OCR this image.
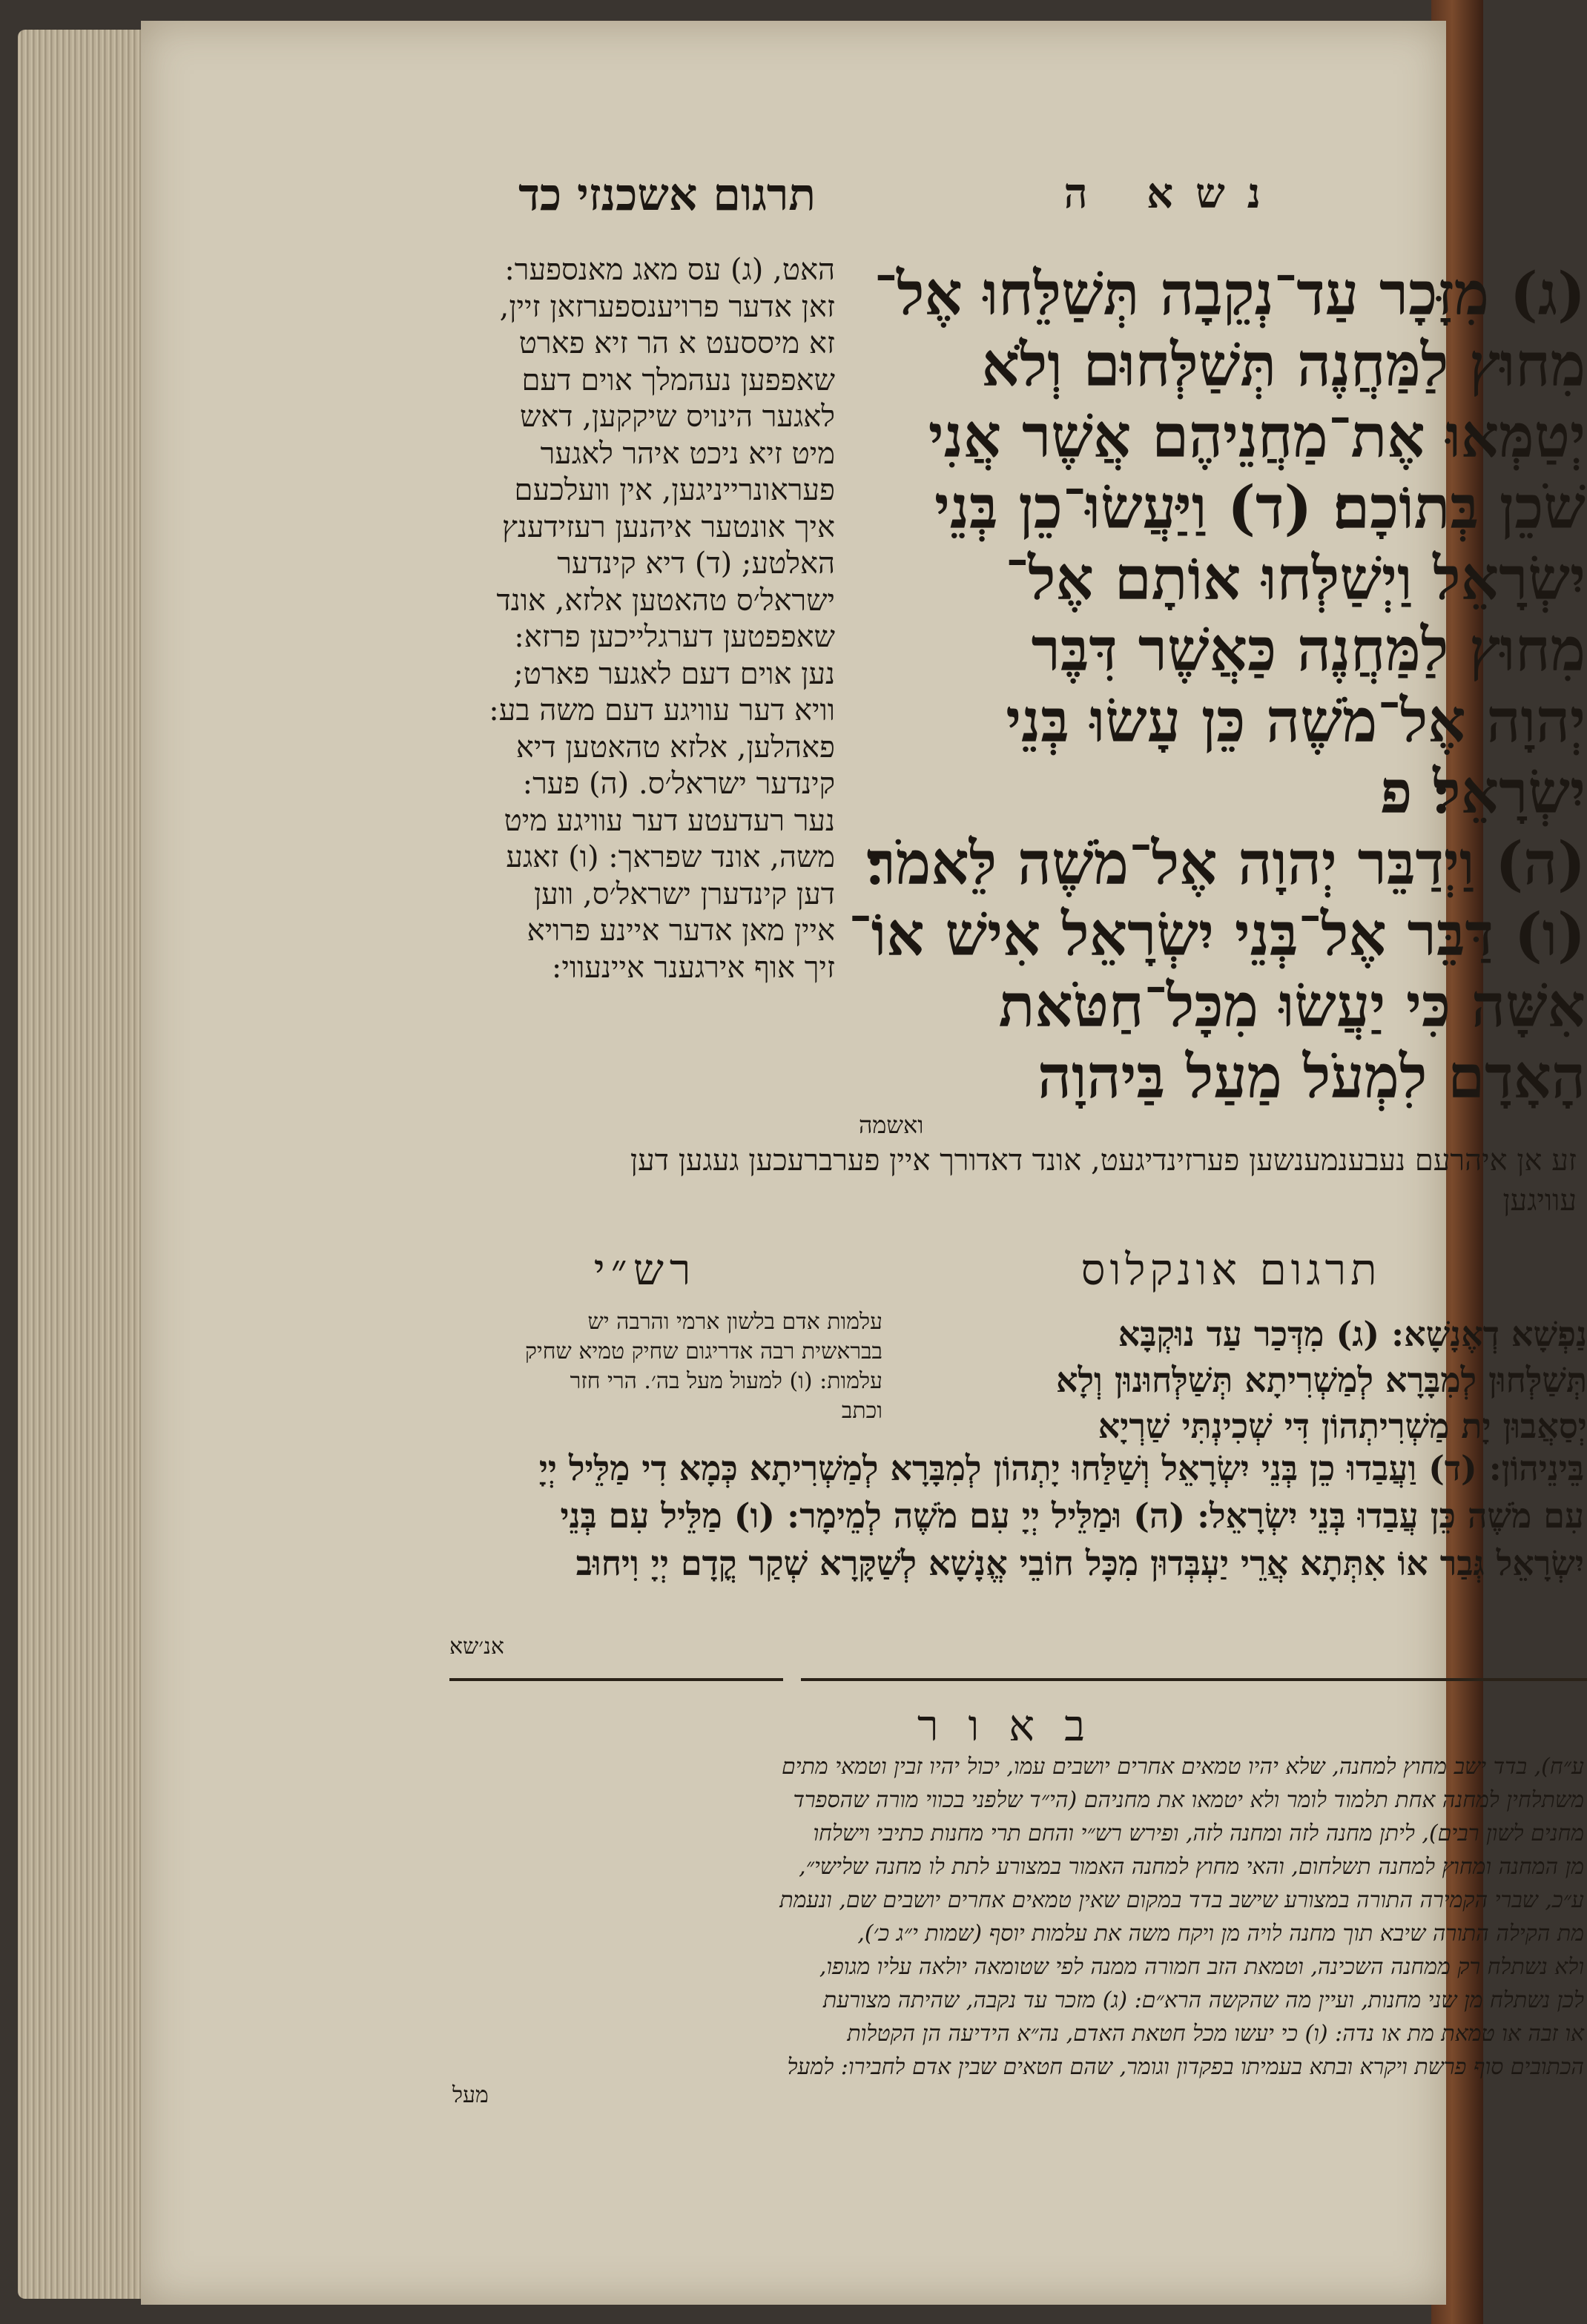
נשא ה
תרגום אשכנזי כד
(ג) מִזָּכָר עַד־נְקֵבָה תְּשַׁלֵּחוּ אֶל־
מִחוּץ לַמַּחֲנֶה תְּשַׁלְּחוּם וְלֹא
יְטַמְּאוּ אֶת־מַחֲנֵיהֶם אֲשֶׁר אֲנִי
שֹׁכֵן בְּתוֹכָם׃ (ד) וַיַּעֲשׂוּ־כֵן בְּנֵי
יִשְׂרָאֵל וַיְשַׁלְּחוּ אוֹתָם אֶל־
מִחוּץ לַמַּחֲנֶה כַּאֲשֶׁר דִּבֶּר
יְהוָה אֶל־מֹשֶׁה כֵּן עָשׂוּ בְּנֵי
יִשְׂרָאֵל׃ פ
(ה) וַיְדַבֵּר יְהוָה אֶל־מֹשֶׁה לֵּאמֹר׃
(ו) דַּבֵּר אֶל־בְּנֵי יִשְׂרָאֵל אִישׁ אוֹ־
אִשָּׁה כִּי יַעֲשׂוּ מִכָּל־חַטֹּאת
הָאָדָם לִמְעֹל מַעַל בַּיהוָה
ואשמה
האט, (ג) עס מאג מאנספער:
זאן אדער פרויענספערזאן זיין,
זא מיססעט א הר זיא פארט
שאפפען נעהמלך אוים דעם
לאגער הינויס שיקקען, דאש
מיט זיא ניכט איהר לאגער
פעראונרייניגען, אין וועלכעם
איך אונטער איהנען רעזידענץ
האלטע; (ד) דיא קינדער
ישראל׳ס טהאטען אלזא, אונד
שאפפטען דערגלייכען פרזא:
נען אוים דעם לאגער פארט;
וויא דער עוויגע דעם משה בע:
פאהלען, אלזא טהאטען דיא
קינדער ישראל׳ס. (ה) פער:
נער רעדעטע דער עוויגע מיט
משה, אונד שפראך: (ו) זאגע
דען קינדערן ישראל׳ס, ווען
איין מאן אדער איינע פרויא
זיך אוף אירגענר איינעווי:
זע אן איהרעם נעבענמענשען פערזינדיגעט, אונד דאדורך איין פערברעכען געגען דען
עוויגען
תרגום אונקלוס
רש״י
נַפְשָׁא דְאֶנָשָׁא: (ג) מִדְּכַר עַד נוּקְבָּא
תְּשַׁלְּחוּן לְמִבָּרָא לְמַשְׁרִיתָא תְּשַׁלְּחוּנוּן וְלָא
יְסַאֲבוּן יָת מַשְׁרִיתְהוֹן דִּי שְׁכִינְתִּי שַׁרְיָא
עלמות אדם בלשון ארמי והרבה יש
בבראשית רבה אדריגום שחיק טמיא שחיק
עלמות: (ו) למעול מעל בה׳. הרי חזר
וכתב
בֵּינֵיהוֹן: (ד) וַעֲבַדוּ כֵן בְּנֵי יִשְׂרָאֵל וְשַׁלַּחוּ יָתְהוֹן לְמִבָּרָא לְמַשְׁרִיתָא כְּמָא דִי מַלֵּיל יְיָ
עִם מֹשֶׁה כֵּן עֲבַדוּ בְּנֵי יִשְׂרָאֵל: (ה) וּמַלֵּיל יְיָ עִם מֹשֶׁה לְמֵימָר: (ו) מַלֵּיל עִם בְּנֵי
יִשְׂרָאֵל גְּבַר אוֹ אִתְּתָא אֲרֵי יַעְבְּדוּן מִכָּל חוֹבֵי אֱנָשָׁא לְשַׁקָּרָא שְׁקַר קֳדָם יְיָ וִיחוּב
אנ׳שא
באור
ע״ח), בדד ישב מחוץ למחנה, שלא יהיו טמאים אחרים יושבים עמו, יכול יהיו זבין וטמאי מתים
משתלחין למחנה אחת תלמוד לומר ולא יטמאו את מחניהם (הי״ד שלפני בכווי מורה שהספרד
מחנים לשון רבים), ליתן מחנה לזה ומחנה לזה, ופירש רש״י והחם תרי מחנות כתיבי וישלחו
מן המחנה ומחוץ למחנה תשלחום, והאי מחוץ למחנה האמור במצורע לתת לו מחנה שלישי״,
ע״כ, שברי הקמירה התורה במצורע שישב בדד במקום שאין טמאים אחרים יושבים שם, ונעמת
מת הקילה התורה שיבא תוך מחנה לויה מן ויקח משה את עלמות יוסף (שמות י״ג כ׳),
ולא נשתלח רק ממחנה השכינה, וטמאת הזב חמורה ממנה לפי שטומאה יולאה עליו מגופו,
לכן נשתלח מן שני מחנות, ועיין מה שהקשה הרא״ם: (ג) מזכר עד נקבה, שהיתה מצורעת
או זבה או טמאת מת או נדה: (ו) כי יעשו מכל חטאת האדם, נה״א הידיעה הן הקטלות
הכתובים סוף פרשת ויקרא ובתא בעמיתו בפקדון וגומר, שהם חטאים שבין אדם לחבירו: למעל
מעל
